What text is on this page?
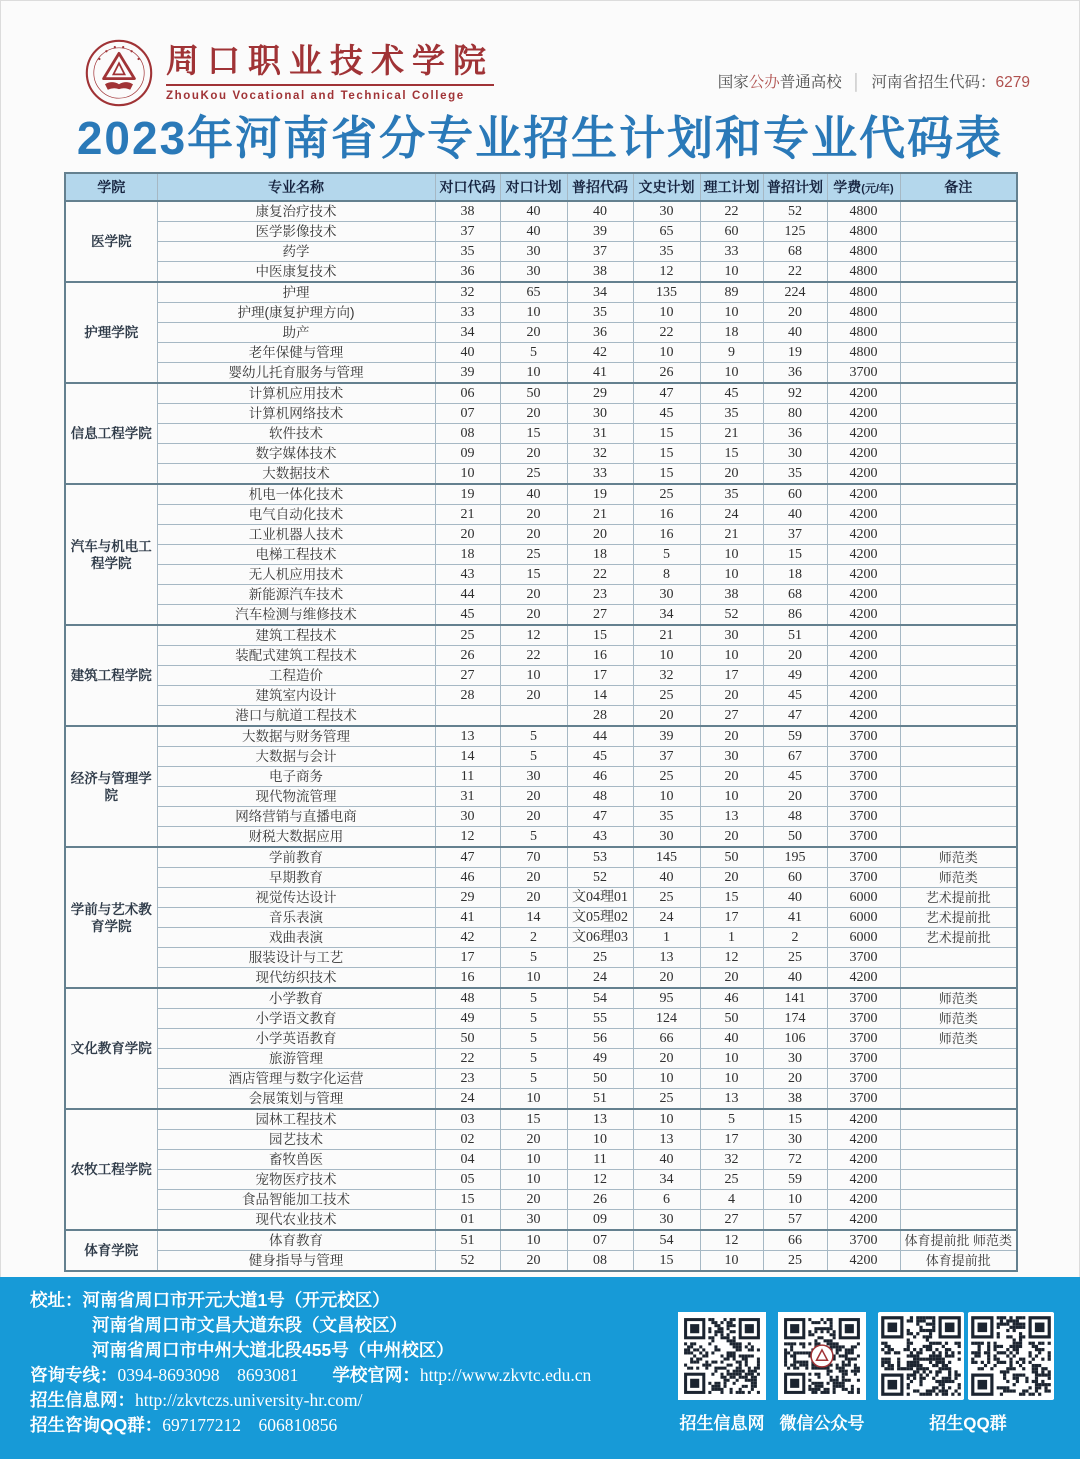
周口职业技术学院
ZhouKou Vocational and Technical College
国家公办普通高校 │ 河南省招生代码：6279
2023年河南省分专业招生计划和专业代码表
学院	专业名称	对口代码	对口计划	普招代码	文史计划	理工计划	普招计划	学费(元/年)	备注
医学院	康复治疗技术	38	40	40	30	22	52	4800	
	医学影像技术	37	40	39	65	60	125	4800	
	药学	35	30	37	35	33	68	4800	
	中医康复技术	36	30	38	12	10	22	4800	
护理学院	护理	32	65	34	135	89	224	4800	
	护理(康复护理方向)	33	10	35	10	10	20	4800	
	助产	34	20	36	22	18	40	4800	
	老年保健与管理	40	5	42	10	9	19	4800	
	婴幼儿托育服务与管理	39	10	41	26	10	36	3700	
信息工程学院	计算机应用技术	06	50	29	47	45	92	4200	
	计算机网络技术	07	20	30	45	35	80	4200	
	软件技术	08	15	31	15	21	36	4200	
	数字媒体技术	09	20	32	15	15	30	4200	
	大数据技术	10	25	33	15	20	35	4200	
汽车与机电工程学院	机电一体化技术	19	40	19	25	35	60	4200	
	电气自动化技术	21	20	21	16	24	40	4200	
	工业机器人技术	20	20	20	16	21	37	4200	
	电梯工程技术	18	25	18	5	10	15	4200	
	无人机应用技术	43	15	22	8	10	18	4200	
	新能源汽车技术	44	20	23	30	38	68	4200	
	汽车检测与维修技术	45	20	27	34	52	86	4200	
建筑工程学院	建筑工程技术	25	12	15	21	30	51	4200	
	装配式建筑工程技术	26	22	16	10	10	20	4200	
	工程造价	27	10	17	32	17	49	4200	
	建筑室内设计	28	20	14	25	20	45	4200	
	港口与航道工程技术			28	20	27	47	4200	
经济与管理学院	大数据与财务管理	13	5	44	39	20	59	3700	
	大数据与会计	14	5	45	37	30	67	3700	
	电子商务	11	30	46	25	20	45	3700	
	现代物流管理	31	20	48	10	10	20	3700	
	网络营销与直播电商	30	20	47	35	13	48	3700	
	财税大数据应用	12	5	43	30	20	50	3700	
学前与艺术教育学院	学前教育	47	70	53	145	50	195	3700	师范类
	早期教育	46	20	52	40	20	60	3700	师范类
	视觉传达设计	29	20	文04理01	25	15	40	6000	艺术提前批
	音乐表演	41	14	文05理02	24	17	41	6000	艺术提前批
	戏曲表演	42	2	文06理03	1	1	2	6000	艺术提前批
	服装设计与工艺	17	5	25	13	12	25	3700	
	现代纺织技术	16	10	24	20	20	40	4200	
文化教育学院	小学教育	48	5	54	95	46	141	3700	师范类
	小学语文教育	49	5	55	124	50	174	3700	师范类
	小学英语教育	50	5	56	66	40	106	3700	师范类
	旅游管理	22	5	49	20	10	30	3700	
	酒店管理与数字化运营	23	5	50	10	10	20	3700	
	会展策划与管理	24	10	51	25	13	38	3700	
农牧工程学院	园林工程技术	03	15	13	10	5	15	4200	
	园艺技术	02	20	10	13	17	30	4200	
	畜牧兽医	04	10	11	40	32	72	4200	
	宠物医疗技术	05	10	12	34	25	59	4200	
	食品智能加工技术	15	20	26	6	4	10	4200	
	现代农业技术	01	30	09	30	27	57	4200	
体育学院	体育教育	51	10	07	54	12	66	3700	体育提前批 师范类
	健身指导与管理	52	20	08	15	10	25	4200	体育提前批
校址：河南省周口市开元大道1号（开元校区）
河南省周口市文昌大道东段（文昌校区）
河南省周口市中州大道北段455号（中州校区）
咨询专线：0394-8693098    8693081 学校官网：http://www.zkvtc.edu.cn
招生信息网：http://zkvtczs.university-hr.com/
招生咨询QQ群：697177212    606810856	招生信息网 微信公众号	招生QQ群
